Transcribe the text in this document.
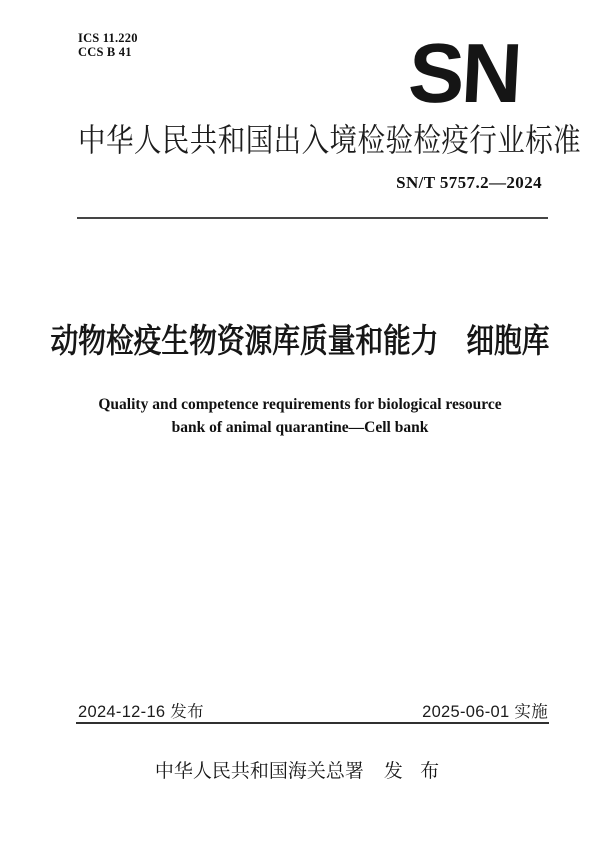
ICS 11.220
CCS B 41	SN
中华人民共和国出入境检验检疫行业标准
SN/T 5757.2—2024
动物检疫生物资源库质量和能力　细胞库
Quality and competence requirements for biological resource
bank of animal quarantine—Cell bank
2024-12-16 发布	2025-06-01 实施
中华人民共和国海关总署 发 布
